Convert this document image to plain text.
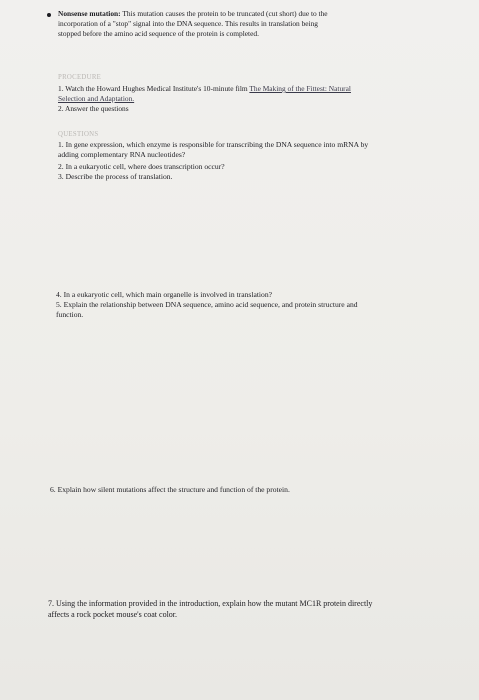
Nonsense mutation: This mutation causes the protein to be truncated (cut short) due to the
incorporation of a "stop" signal into the DNA sequence. This results in translation being
stopped before the amino acid sequence of the protein is completed.
PROCEDURE
1. Watch the Howard Hughes Medical Institute's 10-minute film The Making of the Fittest: Natural
Selection and Adaptation.
2. Answer the questions
QUESTIONS
1. In gene expression, which enzyme is responsible for transcribing the DNA sequence into mRNA by
adding complementary RNA nucleotides?
2. In a eukaryotic cell, where does transcription occur?
3. Describe the process of translation.
4. In a eukaryotic cell, which main organelle is involved in translation?
5. Explain the relationship between DNA sequence, amino acid sequence, and protein structure and
function.
6. Explain how silent mutations affect the structure and function of the protein.
7. Using the information provided in the introduction, explain how the mutant MC1R protein directly
affects a rock pocket mouse's coat color.
